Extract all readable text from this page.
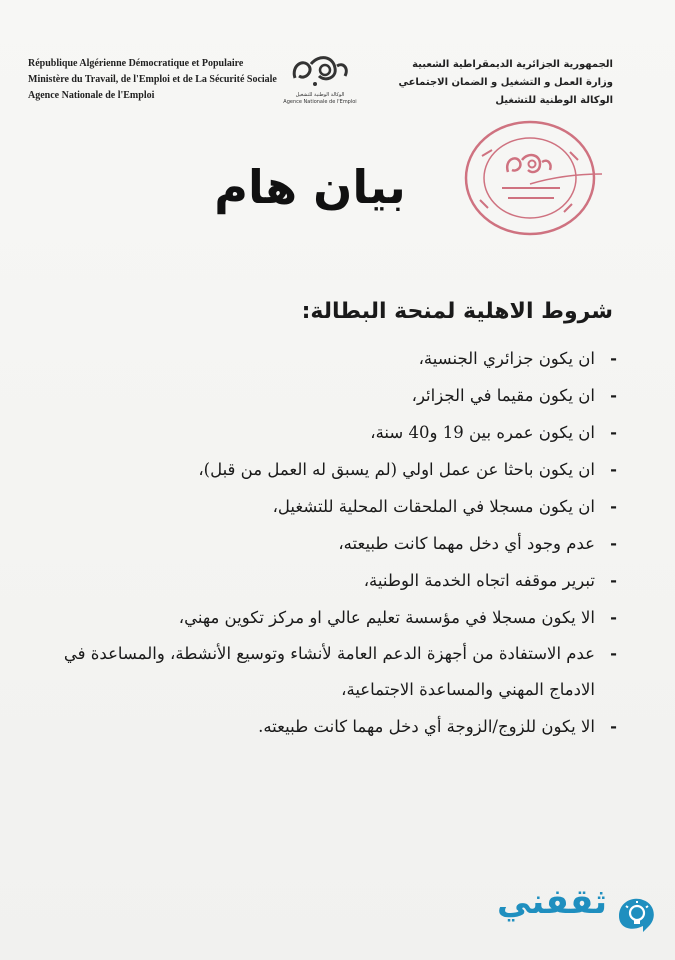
République Algérienne Démocratique et Populaire
Ministère du Travail, de l'Emploi et de La Sécurité Sociale
Agence Nationale de l'Emploi	الوكالة الوطنية للتشغيل
Agence Nationale de l'Emploi
الجمهورية الجزائرية الديمقراطية الشعبية
وزارة العمل و التشغيل و الضمان الاجتماعي
الوكالة الوطنية للتشغيل
بيان هام
شروط الاهلية لمنحة البطالة:
-
ان يكون جزائري الجنسية،
-
ان يكون مقيما في الجزائر،
-
ان يكون عمره بين 19 و40 سنة،
-
ان يكون باحثا عن عمل اولي (لم يسبق له العمل من قبل)،
-
ان يكون مسجلا في الملحقات المحلية للتشغيل،
-
عدم وجود أي دخل مهما كانت طبيعته،
-
تبرير موقفه اتجاه الخدمة الوطنية،
-
الا يكون مسجلا في مؤسسة تعليم عالي او مركز تكوين مهني،
-
عدم الاستفادة من أجهزة الدعم العامة لأنشاء وتوسيع الأنشطة، والمساعدة في الادماج المهني والمساعدة الاجتماعية،
-
الا يكون للزوج/الزوجة أي دخل مهما كانت طبيعته.
ثقفني
